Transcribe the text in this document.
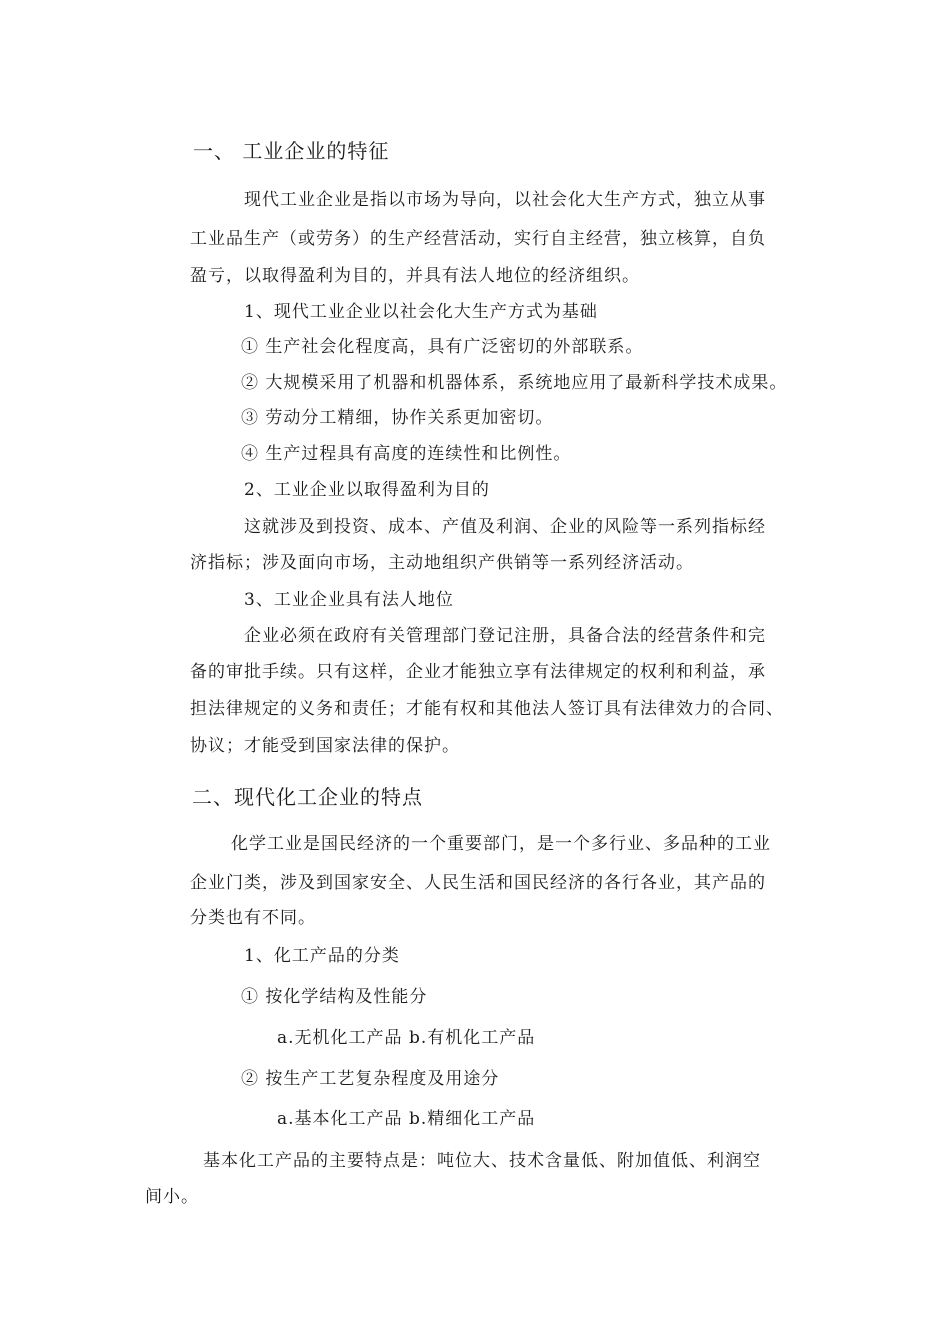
一、 工业企业的特征

现代工业企业是指以市场为导向，以社会化大生产方式，独立从事

工业品生产（或劳务）的生产经营活动，实行自主经营，独立核算，自负

盈亏，以取得盈利为目的，并具有法人地位的经济组织。

1、现代工业企业以社会化大生产方式为基础

① 生产社会化程度高，具有广泛密切的外部联系。

② 大规模采用了机器和机器体系，系统地应用了最新科学技术成果。

③ 劳动分工精细，协作关系更加密切。

④ 生产过程具有高度的连续性和比例性。

2、工业企业以取得盈利为目的

这就涉及到投资、成本、产值及利润、企业的风险等一系列指标经

济指标；涉及面向市场，主动地组织产供销等一系列经济活动。

3、工业企业具有法人地位

企业必须在政府有关管理部门登记注册，具备合法的经营条件和完

备的审批手续。只有这样，企业才能独立享有法律规定的权利和利益，承

担法律规定的义务和责任；才能有权和其他法人签订具有法律效力的合同、

协议；才能受到国家法律的保护。

二、现代化工企业的特点

化学工业是国民经济的一个重要部门，是一个多行业、多品种的工业

企业门类，涉及到国家安全、人民生活和国民经济的各行各业，其产品的

分类也有不同。

1、化工产品的分类

① 按化学结构及性能分

a.无机化工产品 b.有机化工产品

② 按生产工艺复杂程度及用途分

a.基本化工产品 b.精细化工产品

基本化工产品的主要特点是：吨位大、技术含量低、附加值低、利润空

间小。
